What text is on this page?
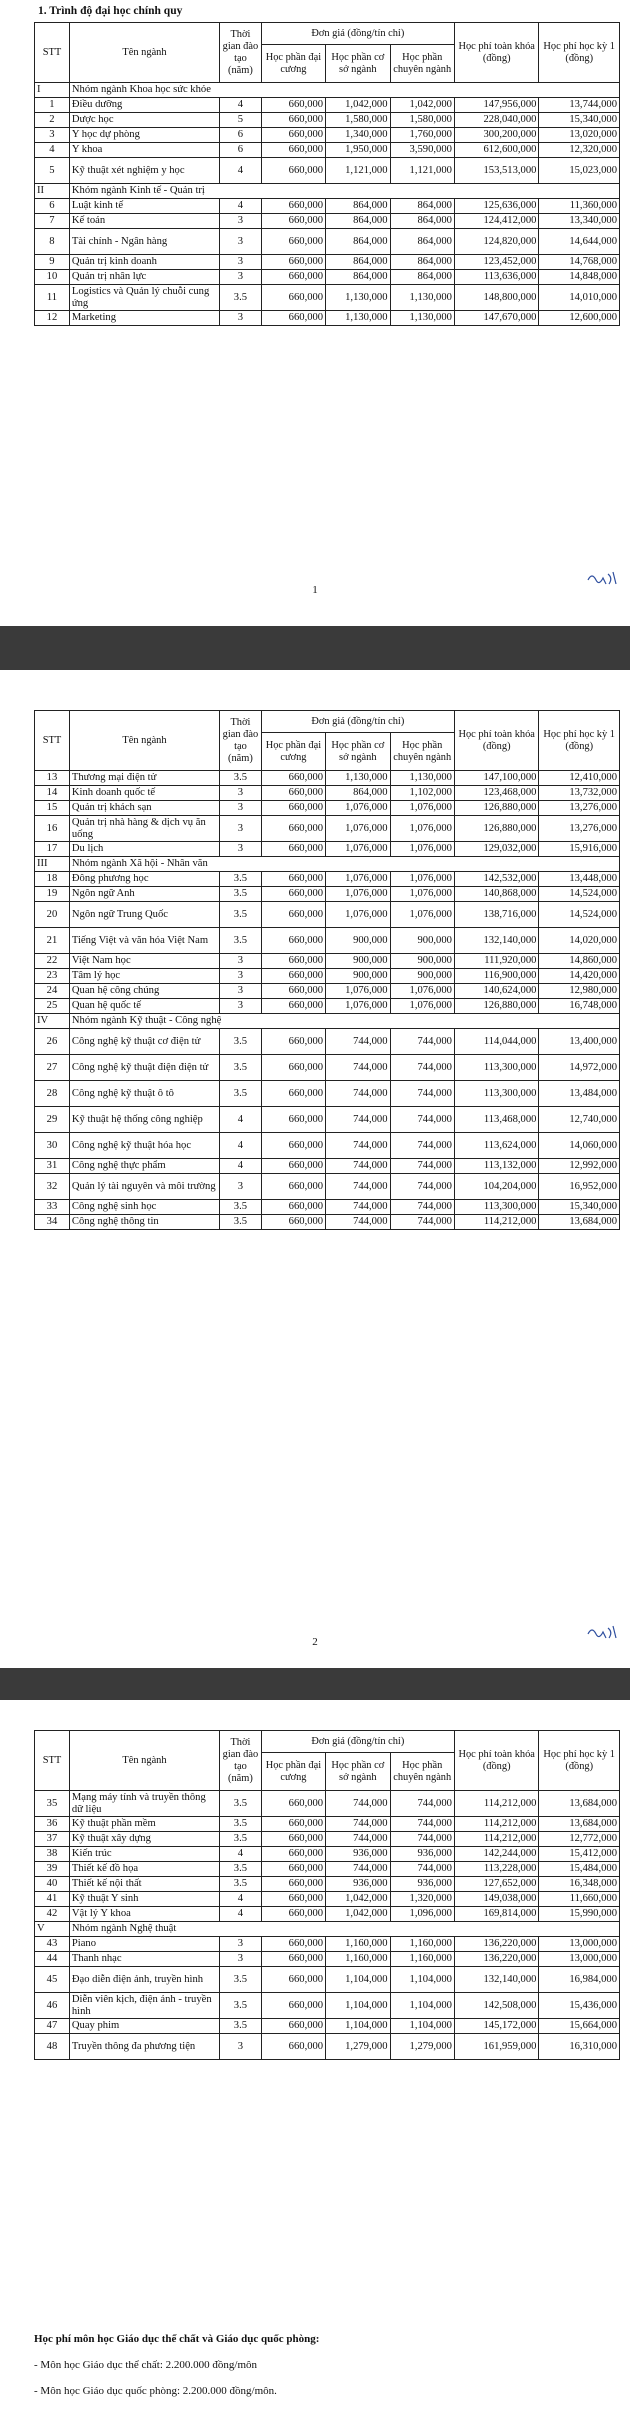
1. Trình độ đại học chính quy
STT	Tên ngành	Thời gian đào tạo (năm)	Đơn giá (đồng/tín chỉ)			Học phí toàn khóa (đồng)	Học phí học kỳ 1 (đồng)
			Học phần đại cương	Học phần cơ sở ngành	Học phần chuyên ngành		
I	Nhóm ngành Khoa học sức khỏe						
1	Điều dưỡng	4	660,000	1,042,000	1,042,000	147,956,000	13,744,000
2	Dược học	5	660,000	1,580,000	1,580,000	228,040,000	15,340,000
3	Y học dự phòng	6	660,000	1,340,000	1,760,000	300,200,000	13,020,000
4	Y khoa	6	660,000	1,950,000	3,590,000	612,600,000	12,320,000
5	Kỹ thuật xét nghiệm y học	4	660,000	1,121,000	1,121,000	153,513,000	15,023,000
II	Khóm ngành Kinh tế - Quản trị						
6	Luật kinh tế	4	660,000	864,000	864,000	125,636,000	11,360,000
7	Kế toán	3	660,000	864,000	864,000	124,412,000	13,340,000
8	Tài chính - Ngân hàng	3	660,000	864,000	864,000	124,820,000	14,644,000
9	Quản trị kinh doanh	3	660,000	864,000	864,000	123,452,000	14,768,000
10	Quản trị nhân lực	3	660,000	864,000	864,000	113,636,000	14,848,000
11	Logistics và Quản lý chuỗi cung ứng	3.5	660,000	1,130,000	1,130,000	148,800,000	14,010,000
12	Marketing	3	660,000	1,130,000	1,130,000	147,670,000	12,600,000
1
STT	Tên ngành	Thời gian đào tạo (năm)	Đơn giá (đồng/tín chỉ)			Học phí toàn khóa (đồng)	Học phí học kỳ 1 (đồng)
			Học phần đại cương	Học phần cơ sở ngành	Học phần chuyên ngành		
13	Thương mại điện tử	3.5	660,000	1,130,000	1,130,000	147,100,000	12,410,000
14	Kinh doanh quốc tế	3	660,000	864,000	1,102,000	123,468,000	13,732,000
15	Quản trị khách sạn	3	660,000	1,076,000	1,076,000	126,880,000	13,276,000
16	Quản trị nhà hàng & dịch vụ ăn uống	3	660,000	1,076,000	1,076,000	126,880,000	13,276,000
17	Du lịch	3	660,000	1,076,000	1,076,000	129,032,000	15,916,000
III	Nhóm ngành Xã hội - Nhân văn						
18	Đông phương học	3.5	660,000	1,076,000	1,076,000	142,532,000	13,448,000
19	Ngôn ngữ Anh	3.5	660,000	1,076,000	1,076,000	140,868,000	14,524,000
20	Ngôn ngữ Trung Quốc	3.5	660,000	1,076,000	1,076,000	138,716,000	14,524,000
21	Tiếng Việt và văn hóa Việt Nam	3.5	660,000	900,000	900,000	132,140,000	14,020,000
22	Việt Nam học	3	660,000	900,000	900,000	111,920,000	14,860,000
23	Tâm lý học	3	660,000	900,000	900,000	116,900,000	14,420,000
24	Quan hệ công chúng	3	660,000	1,076,000	1,076,000	140,624,000	12,980,000
25	Quan hệ quốc tế	3	660,000	1,076,000	1,076,000	126,880,000	16,748,000
IV	Nhóm ngành Kỹ thuật - Công nghệ						
26	Công nghệ kỹ thuật cơ điện tử	3.5	660,000	744,000	744,000	114,044,000	13,400,000
27	Công nghệ kỹ thuật điện điện tử	3.5	660,000	744,000	744,000	113,300,000	14,972,000
28	Công nghệ kỹ thuật ô tô	3.5	660,000	744,000	744,000	113,300,000	13,484,000
29	Kỹ thuật hệ thống công nghiệp	4	660,000	744,000	744,000	113,468,000	12,740,000
30	Công nghệ kỹ thuật hóa học	4	660,000	744,000	744,000	113,624,000	14,060,000
31	Công nghệ thực phẩm	4	660,000	744,000	744,000	113,132,000	12,992,000
32	Quản lý tài nguyên và môi trường	3	660,000	744,000	744,000	104,204,000	16,952,000
33	Công nghệ sinh học	3.5	660,000	744,000	744,000	113,300,000	15,340,000
34	Công nghệ thông tin	3.5	660,000	744,000	744,000	114,212,000	13,684,000
2
STT	Tên ngành	Thời gian đào tạo (năm)	Đơn giá (đồng/tín chỉ)			Học phí toàn khóa (đồng)	Học phí học kỳ 1 (đồng)
			Học phần đại cương	Học phần cơ sở ngành	Học phần chuyên ngành		
35	Mạng máy tính và truyền thông dữ liệu	3.5	660,000	744,000	744,000	114,212,000	13,684,000
36	Kỹ thuật phần mềm	3.5	660,000	744,000	744,000	114,212,000	13,684,000
37	Kỹ thuật xây dựng	3.5	660,000	744,000	744,000	114,212,000	12,772,000
38	Kiến trúc	4	660,000	936,000	936,000	142,244,000	15,412,000
39	Thiết kế đồ họa	3.5	660,000	744,000	744,000	113,228,000	15,484,000
40	Thiết kế nội thất	3.5	660,000	936,000	936,000	127,652,000	16,348,000
41	Kỹ thuật Y sinh	4	660,000	1,042,000	1,320,000	149,038,000	11,660,000
42	Vật lý Y khoa	4	660,000	1,042,000	1,096,000	169,814,000	15,990,000
V	Nhóm ngành Nghệ thuật						
43	Piano	3	660,000	1,160,000	1,160,000	136,220,000	13,000,000
44	Thanh nhạc	3	660,000	1,160,000	1,160,000	136,220,000	13,000,000
45	Đạo diễn điện ảnh, truyền hình	3.5	660,000	1,104,000	1,104,000	132,140,000	16,984,000
46	Diễn viên kịch, điện ảnh - truyền hình	3.5	660,000	1,104,000	1,104,000	142,508,000	15,436,000
47	Quay phim	3.5	660,000	1,104,000	1,104,000	145,172,000	15,664,000
48	Truyền thông đa phương tiện	3	660,000	1,279,000	1,279,000	161,959,000	16,310,000
Học phí môn học Giáo dục thể chất và Giáo dục quốc phòng:
- Môn học Giáo dục thể chất: 2.200.000 đồng/môn
- Môn học Giáo dục quốc phòng: 2.200.000 đồng/môn.
